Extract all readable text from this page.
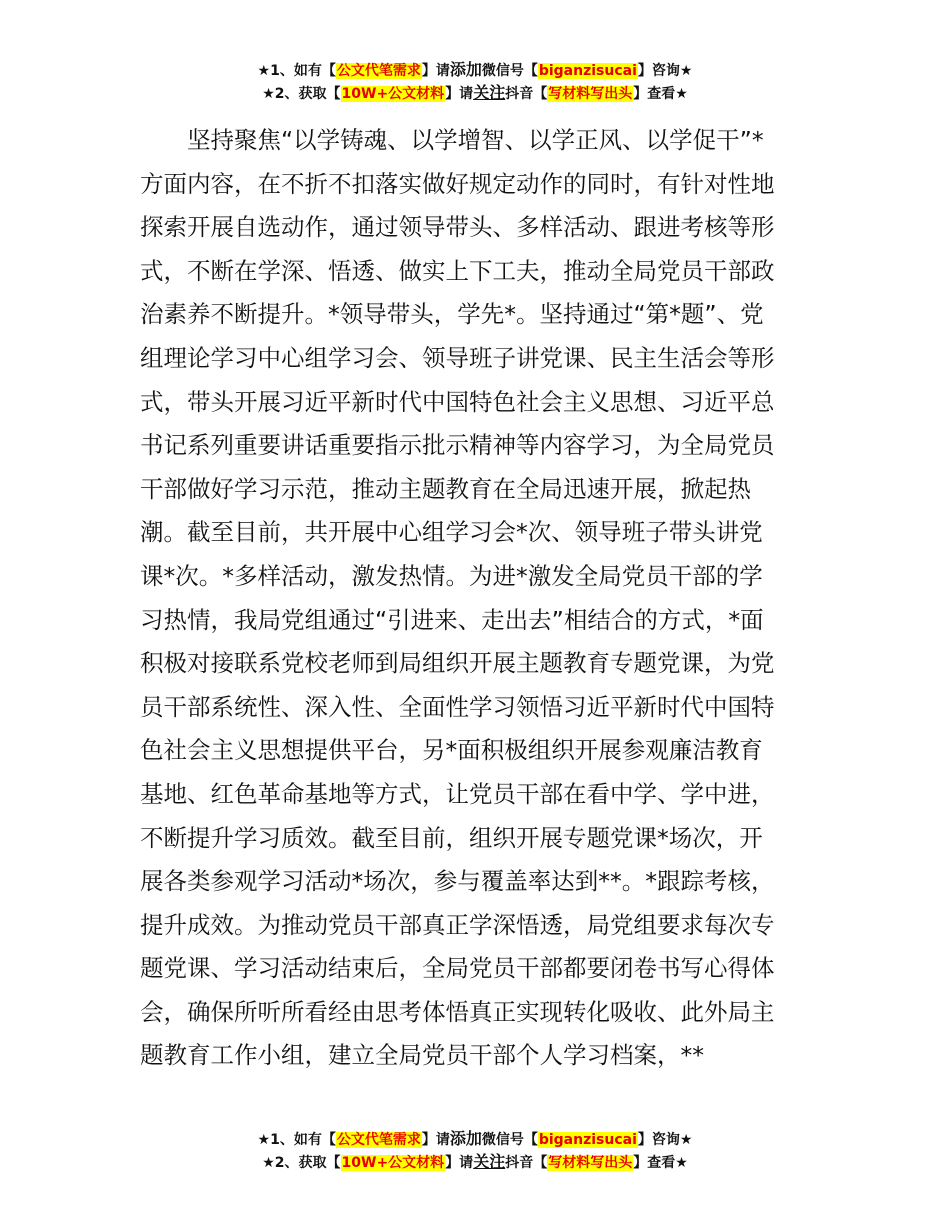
★1、如有【公文代笔需求】请添加微信号【biganzisucai】咨询★
★2、获取【10W+公文材料】请关注抖音【写材料写出头】查看★
　　坚持聚焦“以学铸魂、以学增智、以学正风、以学促干”*
方面内容，在不折不扣落实做好规定动作的同时，有针对性地
探索开展自选动作，通过领导带头、多样活动、跟进考核等形
式，不断在学深、悟透、做实上下工夫，推动全局党员干部政
治素养不断提升。*领导带头，学先*。坚持通过“第*题”、党
组理论学习中心组学习会、领导班子讲党课、民主生活会等形
式，带头开展习近平新时代中国特色社会主义思想、习近平总
书记系列重要讲话重要指示批示精神等内容学习，为全局党员
干部做好学习示范，推动主题教育在全局迅速开展，掀起热
潮。截至目前，共开展中心组学习会*次、领导班子带头讲党
课*次。*多样活动，激发热情。为进*激发全局党员干部的学
习热情，我局党组通过“引进来、走出去”相结合的方式，*面
积极对接联系党校老师到局组织开展主题教育专题党课，为党
员干部系统性、深入性、全面性学习领悟习近平新时代中国特
色社会主义思想提供平台，另*面积极组织开展参观廉洁教育
基地、红色革命基地等方式，让党员干部在看中学、学中进，
不断提升学习质效。截至目前，组织开展专题党课*场次，开
展各类参观学习活动*场次，参与覆盖率达到**。*跟踪考核，
提升成效。为推动党员干部真正学深悟透，局党组要求每次专
题党课、学习活动结束后，全局党员干部都要闭卷书写心得体
会，确保所听所看经由思考体悟真正实现转化吸收、此外局主
题教育工作小组，建立全局党员干部个人学习档案，**
★1、如有【公文代笔需求】请添加微信号【biganzisucai】咨询★
★2、获取【10W+公文材料】请关注抖音【写材料写出头】查看★
